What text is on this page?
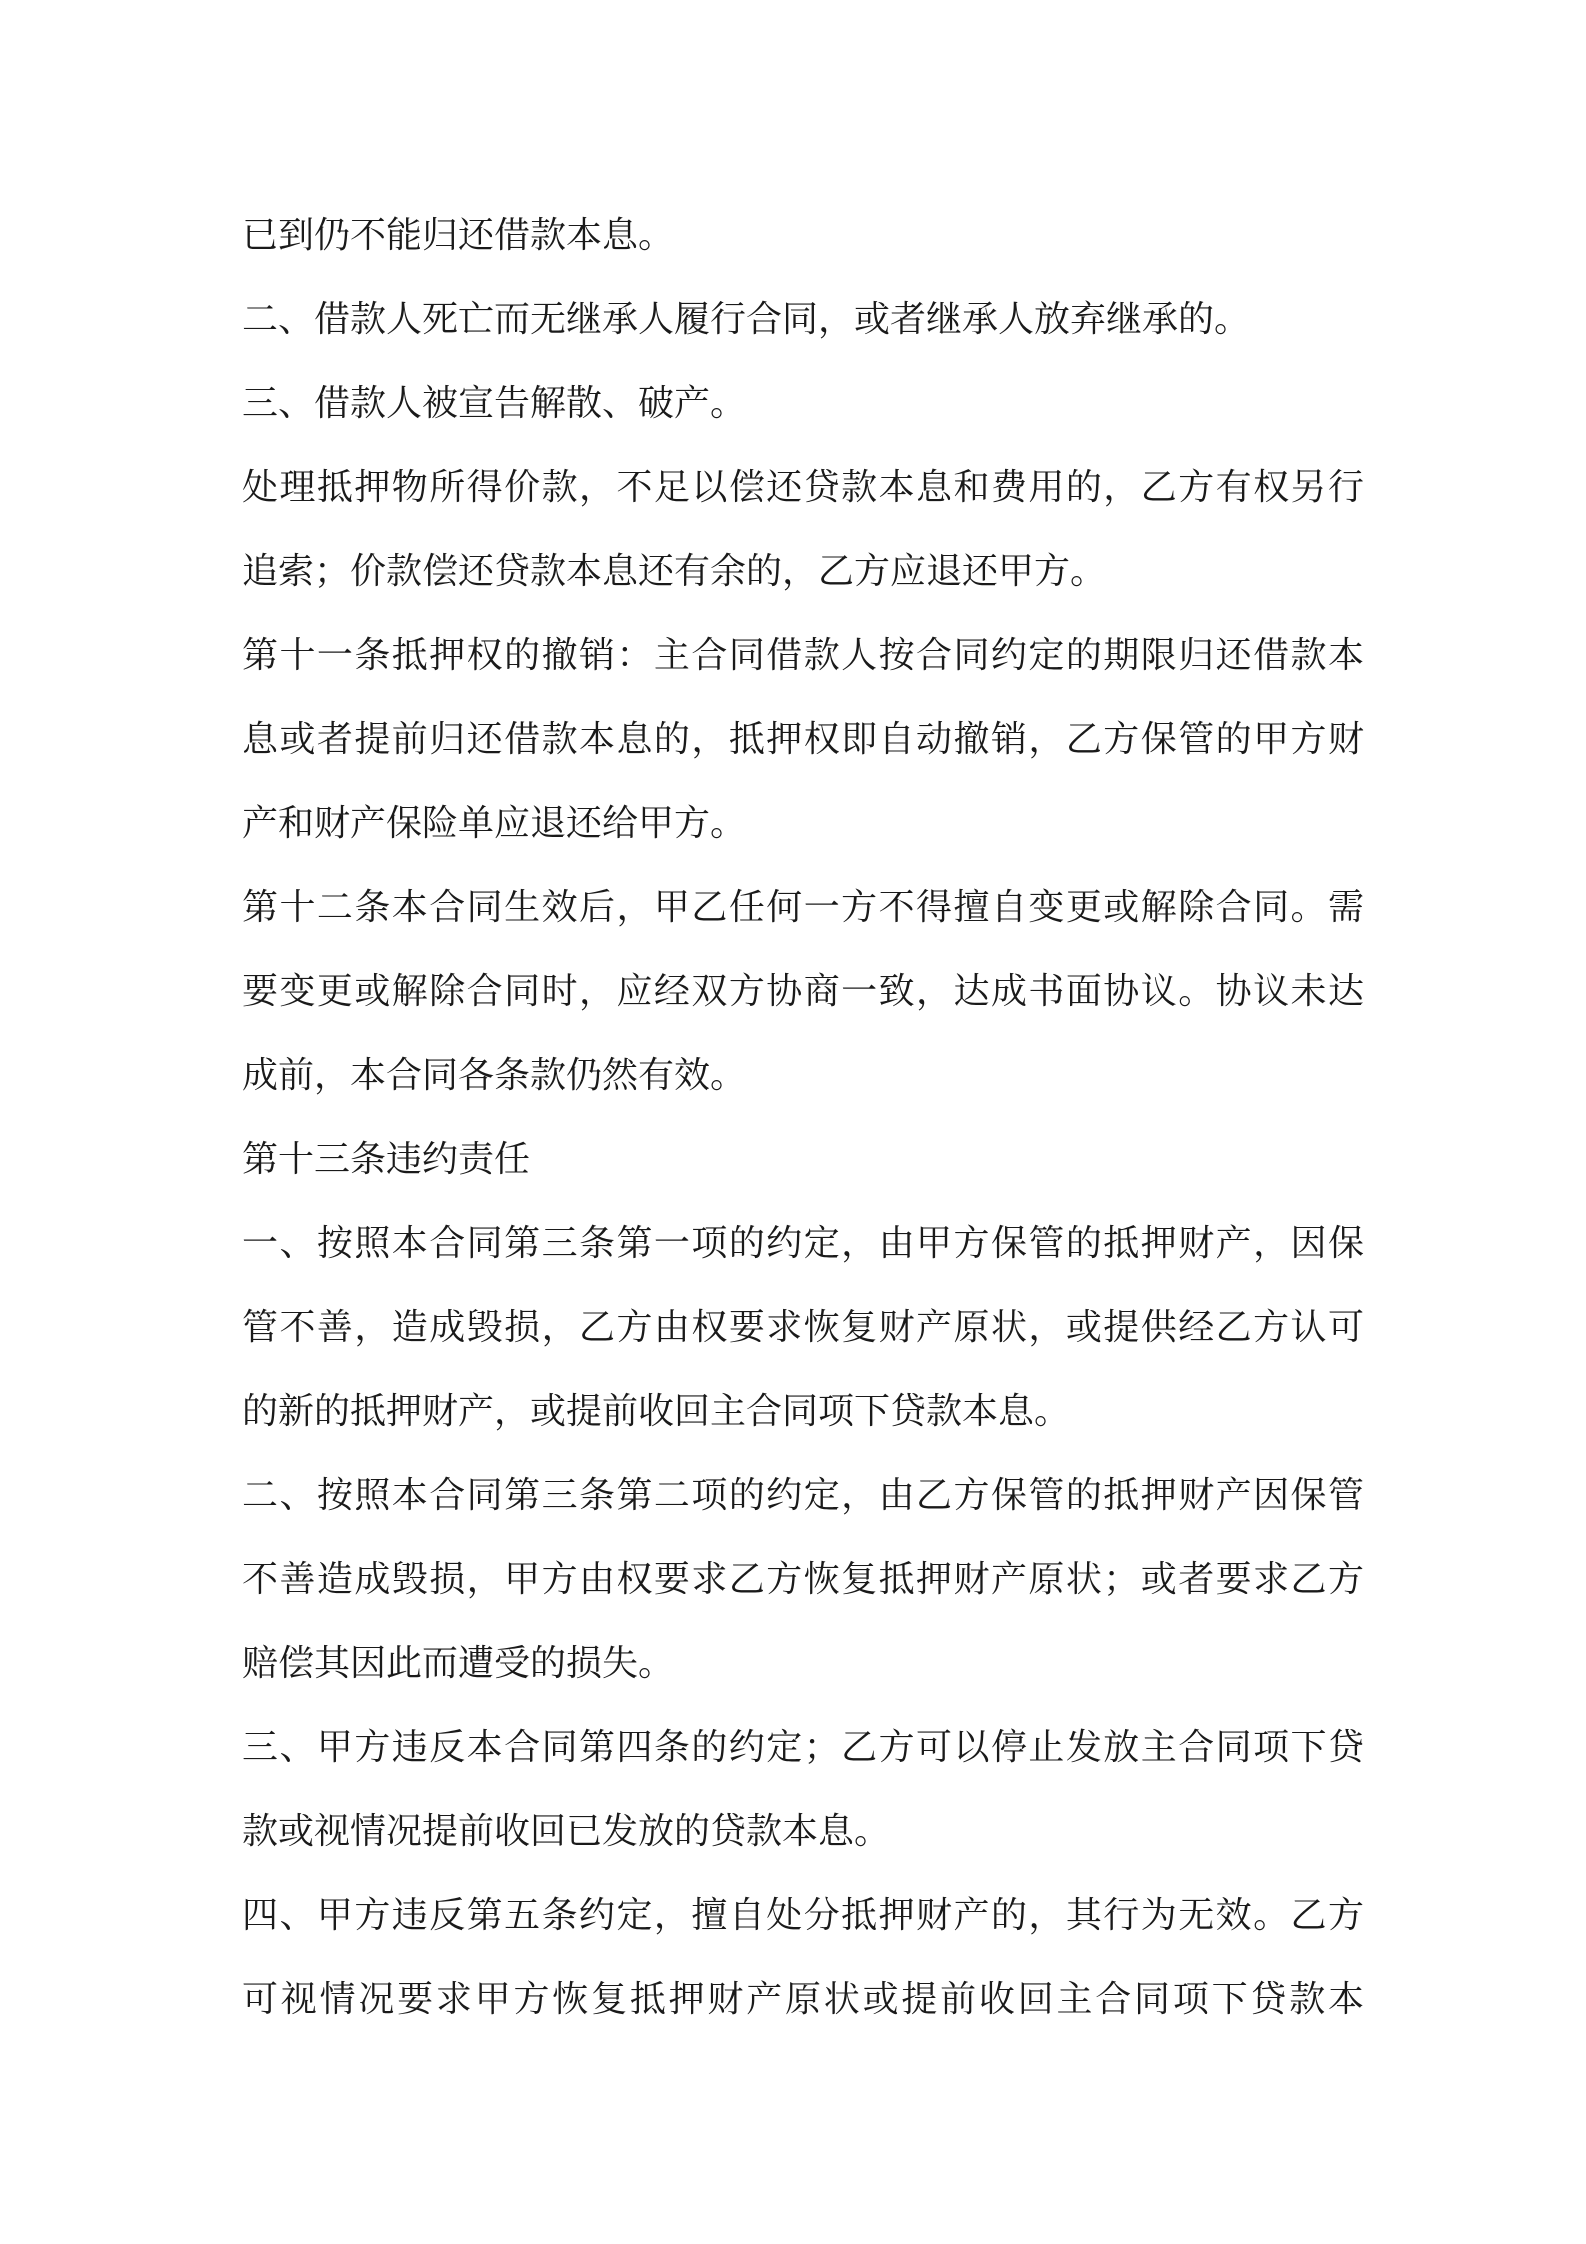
已到仍不能归还借款本息。

二、借款人死亡而无继承人履行合同，或者继承人放弃继承的。

三、借款人被宣告解散、破产。

处理抵押物所得价款，不足以偿还贷款本息和费用的，乙方有权另行
追索；价款偿还贷款本息还有余的，乙方应退还甲方。

第十一条抵押权的撤销：主合同借款人按合同约定的期限归还借款本
息或者提前归还借款本息的，抵押权即自动撤销，乙方保管的甲方财
产和财产保险单应退还给甲方。

第十二条本合同生效后，甲乙任何一方不得擅自变更或解除合同。需
要变更或解除合同时，应经双方协商一致，达成书面协议。协议未达
成前，本合同各条款仍然有效。

第十三条违约责任

一、按照本合同第三条第一项的约定，由甲方保管的抵押财产，因保
管不善，造成毁损，乙方由权要求恢复财产原状，或提供经乙方认可
的新的抵押财产，或提前收回主合同项下贷款本息。

二、按照本合同第三条第二项的约定，由乙方保管的抵押财产因保管
不善造成毁损，甲方由权要求乙方恢复抵押财产原状；或者要求乙方
赔偿其因此而遭受的损失。

三、甲方违反本合同第四条的约定；乙方可以停止发放主合同项下贷
款或视情况提前收回已发放的贷款本息。

四、甲方违反第五条约定，擅自处分抵押财产的，其行为无效。乙方
可视情况要求甲方恢复抵押财产原状或提前收回主合同项下贷款本
